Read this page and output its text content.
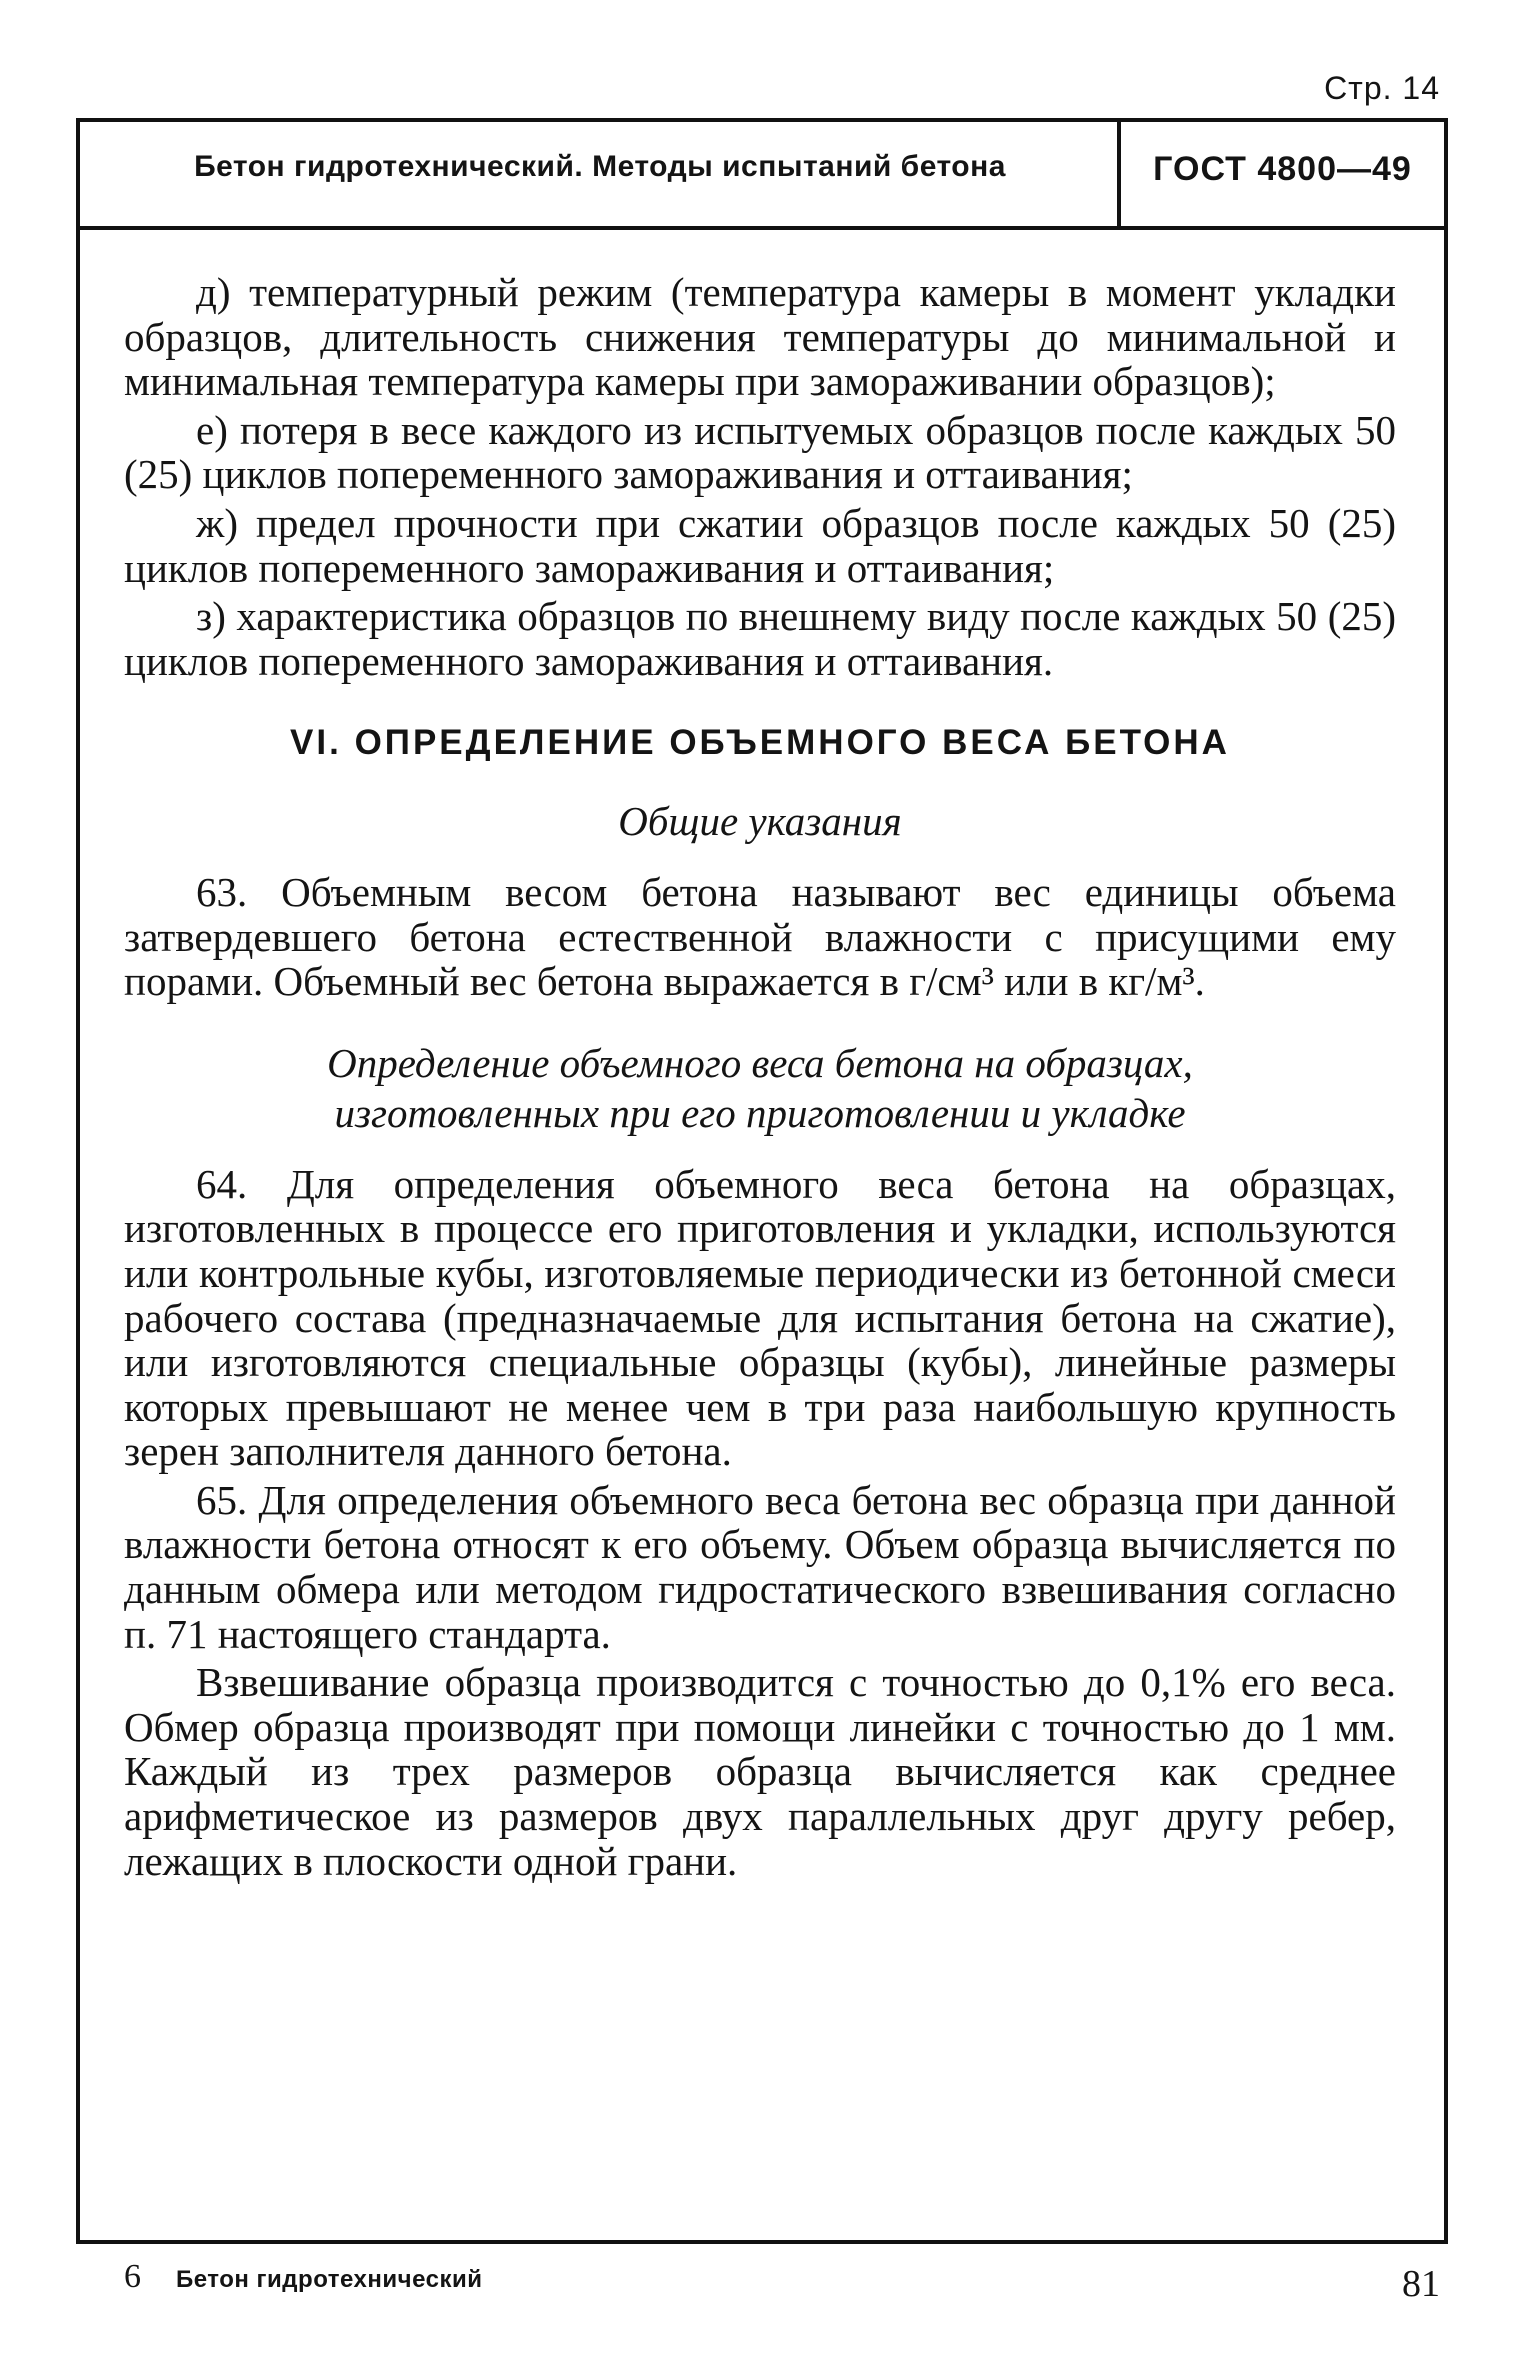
Стр. 14
Бетон гидротехнический. Методы испытаний бетона	ГОСТ 4800—49

д) температурный режим (температура камеры в момент укладки образцов, длительность снижения температуры до минимальной и минимальная температура камеры при замораживании образцов);

е) потеря в весе каждого из испытуемых образцов после каждых 50 (25) циклов попеременного замораживания и оттаивания;

ж) предел прочности при сжатии образцов после каждых 50 (25) циклов попеременного замораживания и оттаивания;

з) характеристика образцов по внешнему виду после каждых 50 (25) циклов попеременного замораживания и оттаивания.

VI. ОПРЕДЕЛЕНИЕ ОБЪЕМНОГО ВЕСА БЕТОНА
Общие указания

63. Объемным весом бетона называют вес единицы объема затвердевшего бетона естественной влажности с присущими ему порами. Объемный вес бетона выражается в г/см³ или в кг/м³.

Определение объемного веса бетона на образцах,
изготовленных при его приготовлении и укладке

64. Для определения объемного веса бетона на образцах, изготовленных в процессе его приготовления и укладки, используются или контрольные кубы, изготовляемые периодически из бетонной смеси рабочего состава (предназначаемые для испытания бетона на сжатие), или изготовляются специальные образцы (кубы), линейные размеры которых превышают не менее чем в три раза наибольшую крупность зерен заполнителя данного бетона.

65. Для определения объемного веса бетона вес образца при данной влажности бетона относят к его объему. Объем образца вычисляется по данным обмера или методом гидростатического взвешивания согласно п. 71 настоящего стандарта.

Взвешивание образца производится с точностью до 0,1% его веса. Обмер образца производят при помощи линейки с точностью до 1 мм. Каждый из трех размеров образца вычисляется как среднее арифметическое из размеров двух параллельных друг другу ребер, лежащих в плоскости одной грани.

6 Бетон гидротехнический	81
